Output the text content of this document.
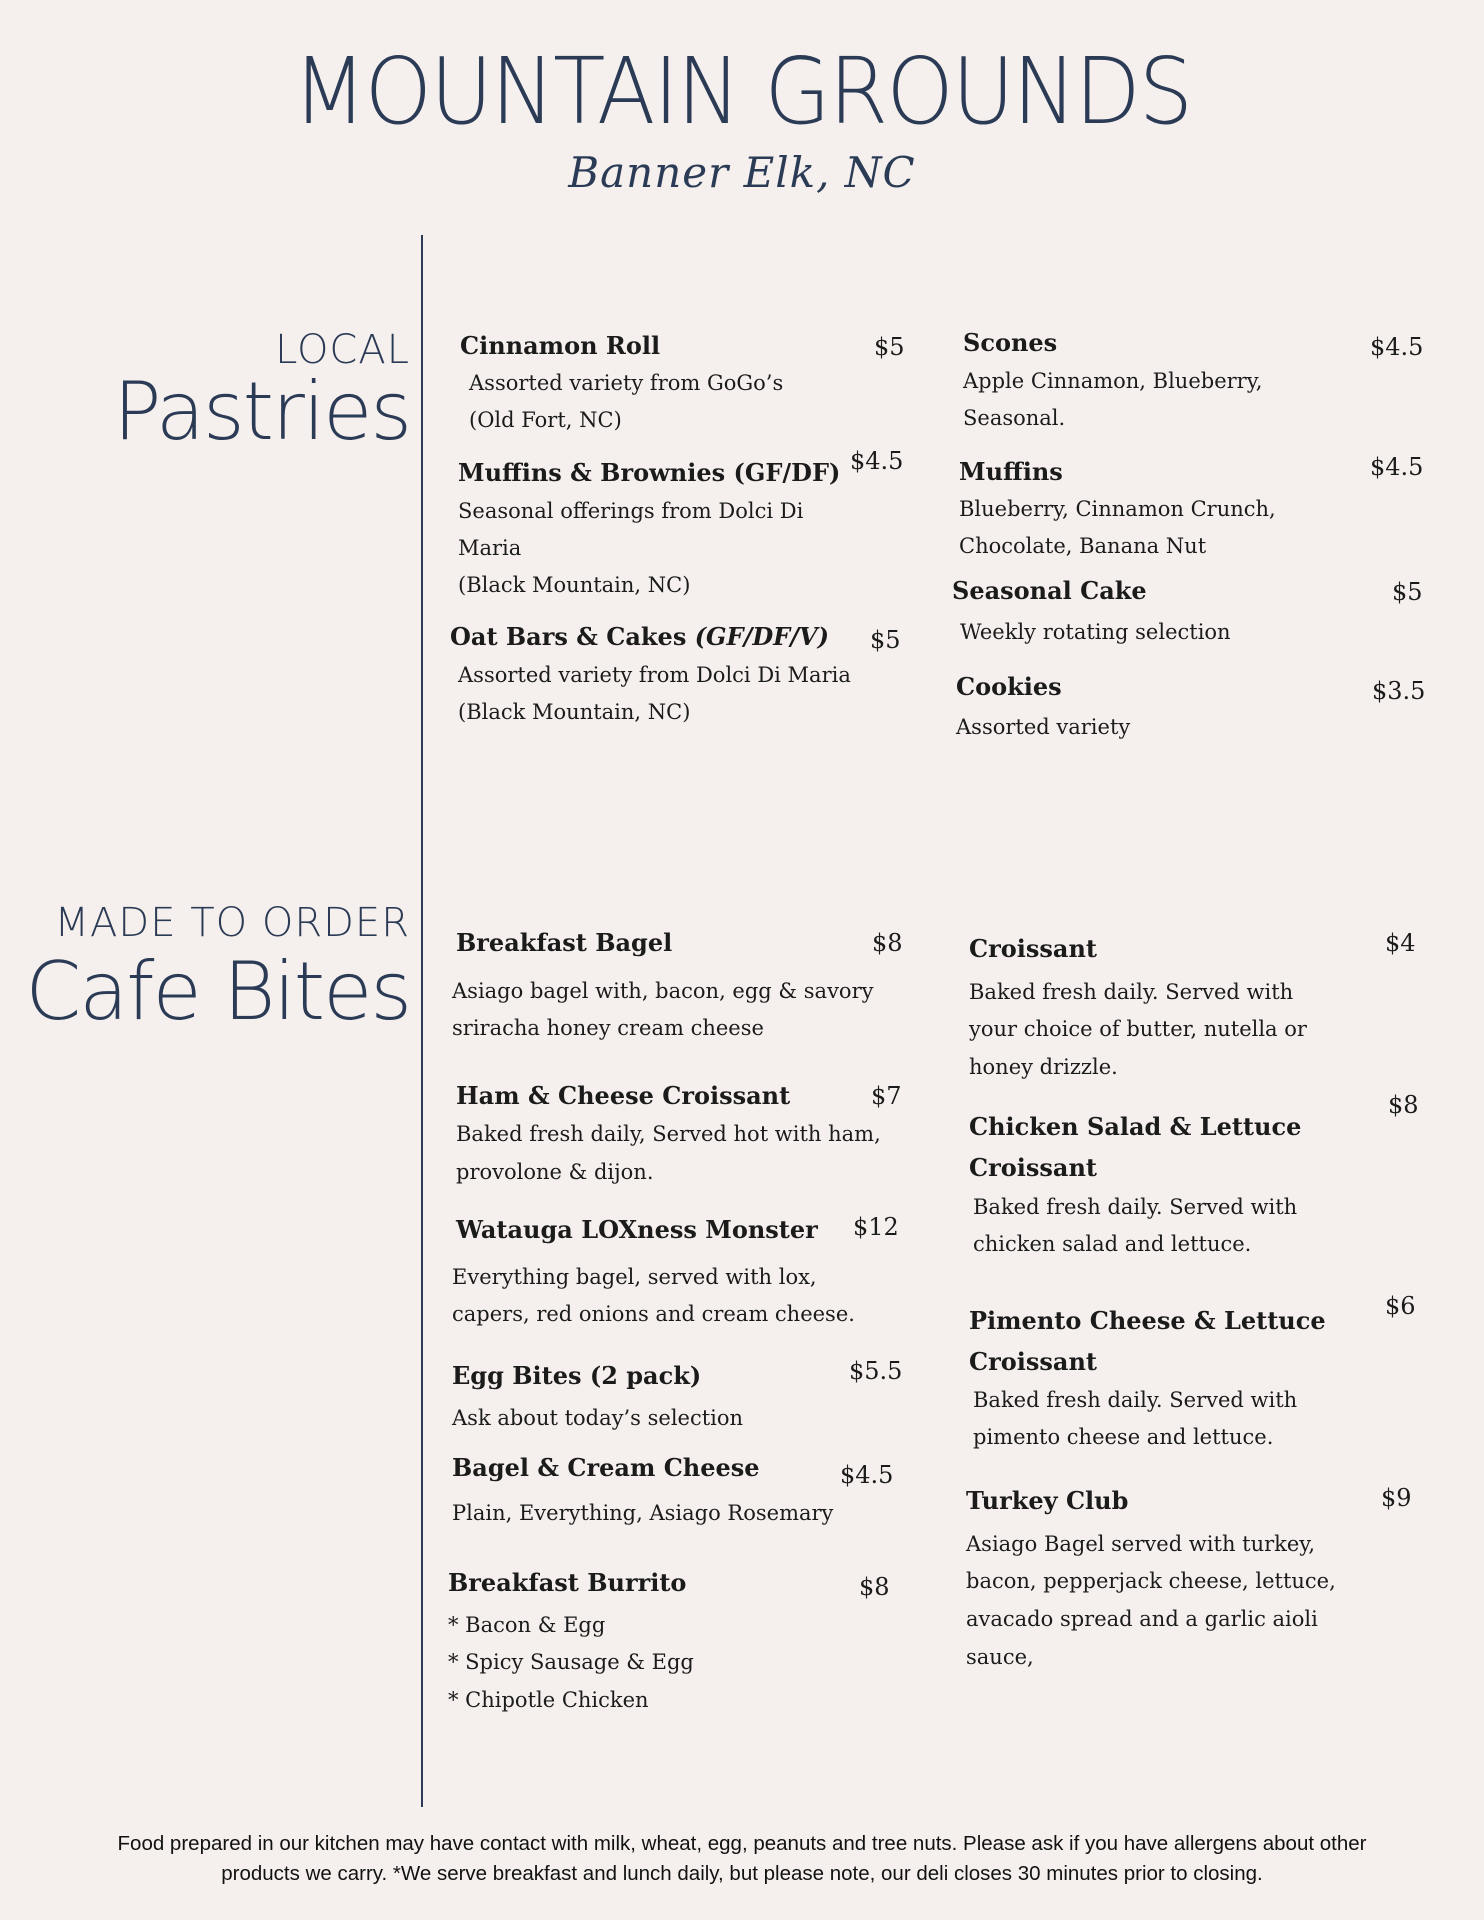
MOUNTAIN GROUNDS
Banner Elk, NC
LOCAL
Pastries
Cinnamon Roll	$5
Assorted variety from GoGo’s
(Old Fort, NC)
Muffins & Brownies (GF/DF) $4.5
Seasonal offerings from Dolci Di
Maria
(Black Mountain, NC)
Oat Bars & Cakes (GF/DF/V) $5
Assorted variety from Dolci Di Maria
(Black Mountain, NC)
Scones	$4.5
Apple Cinnamon, Blueberry,
Seasonal.
Muffins	$4.5
Blueberry, Cinnamon Crunch,
Chocolate, Banana Nut
Seasonal Cake	$5
Weekly rotating selection
Cookies	$3.5
Assorted variety
MADE TO ORDER
Cafe Bites
Breakfast Bagel	$8
Asiago bagel with, bacon, egg & savory
sriracha honey cream cheese
Ham & Cheese Croissant	$7
Baked fresh daily, Served hot with ham,
provolone & dijon.
Watauga LOXness Monster $12
Everything bagel, served with lox,
capers, red onions and cream cheese.
Egg Bites (2 pack)	$5.5
Ask about today’s selection
Bagel & Cream Cheese	$4.5
Plain, Everything, Asiago Rosemary
Breakfast Burrito	$8
* Bacon & Egg
* Spicy Sausage & Egg
* Chipotle Chicken
Croissant	$4
Baked fresh daily. Served with
your choice of butter, nutella or
honey drizzle.
Chicken Salad & Lettuce
Croissant
$8
Baked fresh daily. Served with
chicken salad and lettuce.
Pimento Cheese & Lettuce
Croissant
$6
Baked fresh daily. Served with
pimento cheese and lettuce.
Turkey Club	$9
Asiago Bagel served with turkey,
bacon, pepperjack cheese, lettuce,
avacado spread and a garlic aioli
sauce,
Food prepared in our kitchen may have contact with milk, wheat, egg, peanuts and tree nuts. Please ask if you have allergens about other
products we carry. *We serve breakfast and lunch daily, but please note, our deli closes 30 minutes prior to closing.
